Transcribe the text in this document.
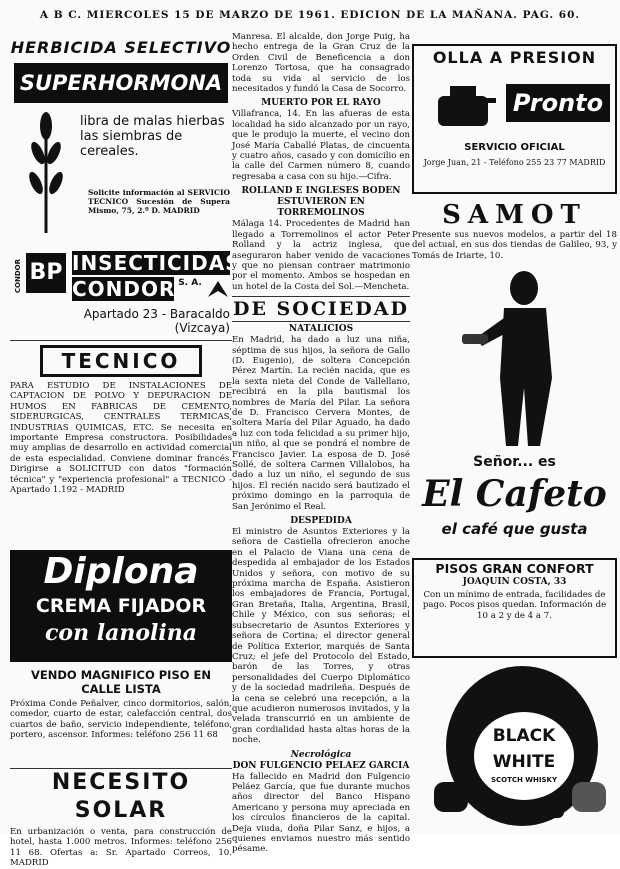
A B C. MIERCOLES 15 DE MARZO DE 1961. EDICION DE LA MAÑANA. PAG. 60.
HERBICIDA SELECTIVO
SUPERHORMONA
libra de malas hierbas las siembras de cereales.
Solicite información al SERVICIO TECNICO Sucesión de Supera Mismo, 75, 2.º D. MADRID
BP INSECTICIDAS
CONDOR S. A.
CONDOR
Apartado 23 - Baracaldo (Vizcaya)
TECNICO
PARA ESTUDIO DE INSTALACIONES DE CAPTACION DE POLVO Y DEPURACION DE HUMOS EN FABRICAS DE CEMENTO, SIDERURGICAS, CENTRALES TERMICAS, INDUSTRIAS QUIMICAS, ETC. Se necesita en importante Empresa constructora. Posibilidades muy amplias de desarrollo en actividad comercial de esta especialidad. Conviene dominar francés. Dirigirse a SOLICITUD con datos "formación técnica" y "experiencia profesional" a TECNICO - Apartado 1.192 - MADRID
Diplona
CREMA FIJADOR
con lanolina
VENDO MAGNIFICO PISO EN CALLE LISTA
Próxima Conde Peñalver, cinco dormitorios, salón, comedor, cuarto de estar, calefacción central, dos cuartos de baño, servicio independiente, teléfono, portero, ascensor. Informes: teléfono 256 11 68
NECESITO SOLAR
En urbanización o venta, para construcción de hotel, hasta 1.000 metros. Informes: teléfono 256 11 68. Ofertas a: Sr. Apartado Correos, 10. MADRID
Manresa. El alcalde, don Jorge Puig, ha hecho entrega de la Gran Cruz de la Orden Civil de Beneficencia a don Lorenzo Tortosa, que ha consagrado toda su vida al servicio de los necesitados y fundó la Casa de Socorro.
MUERTO POR EL RAYO
Villafranca, 14. En las afueras de esta localidad ha sido alcanzado por un rayo, que le produjo la muerte, el vecino don José María Caballé Platas, de cincuenta y cuatro años, casado y con domicilio en la calle del Carmen número 8, cuando regresaba a casa con su hijo.—Cifra.
ROLLAND E INGLESES BODEN ESTUVIERON EN TORREMOLINOS
Málaga 14. Procedentes de Madrid han llegado a Torremolinos el actor Peter Rolland y la actriz inglesa, que aseguraron haber venido de vacaciones y que no piensan contraer matrimonio por el momento. Ambos se hospedan en un hotel de la Costa del Sol.—Mencheta.
DE SOCIEDAD
NATALICIOS
En Madrid, ha dado a luz una niña, séptima de sus hijos, la señora de Gallo (D. Eugenio), de soltera Concepción Pérez Martín. La recién nacida, que es la sexta nieta del Conde de Vallellano, recibirá en la pila bautismal los nombres de María del Pilar. La señora de D. Francisco Cervera Montes, de soltera María del Pilar Aguado, ha dado a luz con toda felicidad a su primer hijo, un niño, al que se pondrá el nombre de Francisco Javier. La esposa de D. José Sollé, de soltera Carmen Villalobos, ha dado a luz un niño, el segundo de sus hijos. El recién nacido será bautizado el próximo domingo en la parroquia de San Jerónimo el Real.
DESPEDIDA
El ministro de Asuntos Exteriores y la señora de Castiella ofrecieron anoche en el Palacio de Viana una cena de despedida al embajador de los Estados Unidos y señora, con motivo de su próxima marcha de España. Asistieron los embajadores de Francia, Portugal, Gran Bretaña, Italia, Argentina, Brasil, Chile y México, con sus señoras; el subsecretario de Asuntos Exteriores y señora de Cortina; el director general de Política Exterior, marqués de Santa Cruz; el jefe del Protocolo del Estado, barón de las Torres, y otras personalidades del Cuerpo Diplomático y de la sociedad madrileña. Después de la cena se celebró una recepción, a la que acudieron numerosos invitados, y la velada transcurrió en un ambiente de gran cordialidad hasta altas horas de la noche.
Necrológica
DON FULGENCIO PELAEZ GARCIA
Ha fallecido en Madrid don Fulgencio Peláez García, que fue durante muchos años director del Banco Hispano Americano y persona muy apreciada en los círculos financieros de la capital. Deja viuda, doña Pilar Sanz, e hijos, a quienes enviamos nuestro más sentido pésame.
OLLA A PRESION
Pronto
SERVICIO OFICIAL
Jorge Juan, 21 - Teléfono 255 23 77 MADRID
SAMOT
Presente sus nuevos modelos, a partir del 18 del actual, en sus dos tiendas de Galileo, 93, y Tomás de Iriarte, 10.
Señor... es
El Cafeto
el café que gusta
PISOS GRAN CONFORT
JOAQUIN COSTA, 33
Con un mínimo de entrada, facilidades de pago. Pocos pisos quedan. Información de 10 a 2 y de 4 a 7.
BLACK
WHITE
SCOTCH WHISKY
